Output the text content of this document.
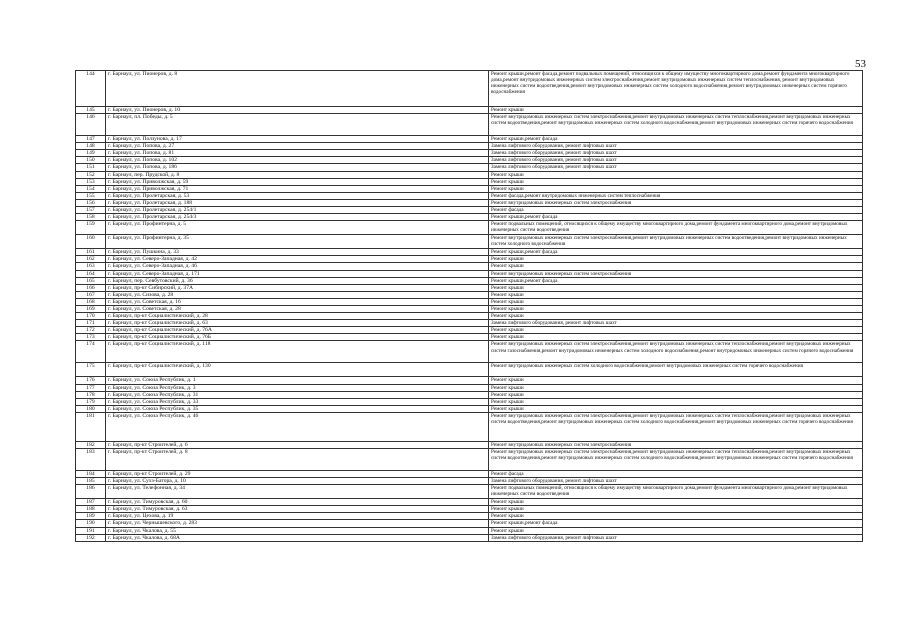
53
144	г. Барнаул, ул. Пионеров, д. 8	Ремонт крыши,ремонт фасада,ремонт подвальных помещений, относящихся к общему имуществу многоквартирного дома,ремонт фундамента многоквартирного дома,ремонт внутридомовых инженерных систем электроснабжения,ремонт внутридомовых инженерных систем теплоснабжения, ремонт внутридомовых инженерных систем водоотведения,ремонт внутридомовых инженерных систем холодного водоснабжения,ремонт внутридомовых инженерных систем горячего водоснабжения
145	г. Барнаул, ул. Пионеров, д. 10	Ремонт крыши
146	г. Барнаул, пл. Победы, д. 5	Ремонт внутридомовых инженерных систем электроснабжения,ремонт внутридомовых инженерных систем теплоснабжения,ремонт внутридомовых инженерных систем водоотведения,ремонт внутридомовых инженерных систем холодного водоснабжения,ремонт внутридомовых инженерных систем горячего водоснабжения
147	г. Барнаул, ул. Ползунова, д. 17	Ремонт крыши,ремонт фасада
148	г. Барнаул, ул. Попова, д. 27	Замена лифтового оборудования, ремонт лифтовых шахт
149	г. Барнаул, ул. Попова, д. 81	Замена лифтового оборудования, ремонт лифтовых шахт
150	г. Барнаул, ул. Попова, д. 102	Замена лифтового оборудования, ремонт лифтовых шахт
151	г. Барнаул, ул. Попова, д. 186	Замена лифтового оборудования, ремонт лифтовых шахт
152	г. Барнаул, пер. Прудской, д. 8	Ремонт крыши
153	г. Барнаул, ул. Приволжская, д. 59	Ремонт крыши
154	г. Барнаул, ул. Приволжская, д. 71	Ремонт крыши
155	г. Барнаул, ул. Пролетарская, д. 53	Ремонт фасада,ремонт внутридомовых инженерных систем теплоснабжения
156	г. Барнаул, ул. Пролетарская, д. 188	Ремонт внутридомовых инженерных систем электроснабжения
157	г. Барнаул, ул. Пролетарская, д. 254/1	Ремонт фасада
158	г. Барнаул, ул. Пролетарская, д. 254/3	Ремонт крыши,ремонт фасада
159	г. Барнаул, ул. Профинтерна, д. 5	Ремонт подвальных помещений, относящихся к общему имуществу многоквартирного дома,ремонт фундамента многоквартирного дома,ремонт внутридомовых инженерных систем водоотведения
160	г. Барнаул, ул. Профинтерна, д. 35	Ремонт внутридомовых инженерных систем электроснабжения,ремонт внутридомовых инженерных систем водоотведения,ремонт внутридомовых инженерных систем холодного водоснабжения
161	г. Барнаул, ул. Пушкина, д. 33	Ремонт крыши,ремонт фасада
162	г. Барнаул, ул. Северо-Западная, д. 42	Ремонт крыши
163	г. Барнаул, ул. Северо-Западная, д. 46	Ремонт крыши
164	г. Барнаул, ул. Северо-Западная, д. 171	Ремонт внутридомовых инженерных систем электроснабжения
165	г. Барнаул, пер. Севбутовский, д. 36	Ремонт крыши,ремонт фасада
166	г. Барнаул, пр-кт Сибирский, д. 37А	Ремонт крыши
167	г. Барнаул, ул. Сизова, д. 28	Ремонт крыши
168	г. Барнаул, ул. Советская, д. 16	Ремонт крыши
169	г. Барнаул, ул. Советская, д. 28	Ремонт крыши
170	г. Барнаул, пр-кт Социалистический, д. 28	Ремонт крыши
171	г. Барнаул, пр-кт Социалистический, д. 63	Замена лифтового оборудования, ремонт лифтовых шахт
172	г. Барнаул, пр-кт Социалистический, д. 76А	Ремонт крыши
173	г. Барнаул, пр-кт Социалистический, д. 76Б	Ремонт крыши
174	г. Барнаул, пр-кт Социалистический, д. 118	Ремонт внутридомовых инженерных систем электроснабжения,ремонт внутридомовых инженерных систем теплоснабжения,ремонт внутридомовых инженерных систем газоснабжения,ремонт внутридомовых инженерных систем холодного водоснабжения,ремонт внутридомовых инженерных систем горячего водоснабжения
175	г. Барнаул, пр-кт Социалистический, д. 130	Ремонт внутридомовых инженерных систем холодного водоснабжения,ремонт внутридомовых инженерных систем горячего водоснабжения
176	г. Барнаул, ул. Союза Республик, д. 1	Ремонт крыши
177	г. Барнаул, ул. Союза Республик, д. 3	Ремонт крыши
178	г. Барнаул, ул. Союза Республик, д. 31	Ремонт крыши
179	г. Барнаул, ул. Союза Республик, д. 33	Ремонт крыши
180	г. Барнаул, ул. Союза Республик, д. 35	Ремонт крыши
181	г. Барнаул, ул. Союза Республик, д. 46	Ремонт внутридомовых инженерных систем электроснабжения,ремонт внутридомовых инженерных систем теплоснабжения,ремонт внутридомовых инженерных систем водоотведения,ремонт внутридомовых инженерных систем холодного водоснабжения,ремонт внутридомовых инженерных систем горячего водоснабжения
182	г. Барнаул, пр-кт Строителей, д. 6	Ремонт внутридомовых инженерных систем электроснабжения
183	г. Барнаул, пр-кт Строителей, д. 8	Ремонт внутридомовых инженерных систем электроснабжения,ремонт внутридомовых инженерных систем теплоснабжения,ремонт внутридомовых инженерных систем водоотведения,ремонт внутридомовых инженерных систем холодного водоснабжения,ремонт внутридомовых инженерных систем горячего водоснабжения
184	г. Барнаул, пр-кт Строителей, д. 29	Ремонт фасада
185	г. Барнаул, ул. Сухэ-Батора, д. 10	Замена лифтового оборудования, ремонт лифтовых шахт
186	г. Барнаул, ул. Телефонная, д. 34	Ремонт подвальных помещений, относящихся к общему имуществу многоквартирного дома,ремонт фундамента многоквартирного дома,ремонт внутридомовых инженерных систем водоотведения
187	г. Барнаул, ул. Тимуровская, д. 60	Ремонт крыши
188	г. Барнаул, ул. Тимуровская, д. 63	Ремонт крыши
189	г. Барнаул, ул. Цехова, д. 19	Ремонт крыши
190	г. Барнаул, ул. Чернышевского, д. 283	Ремонт крыши,ремонт фасада
191	г. Барнаул, ул. Чкалова, д. 55	Ремонт крыши
192	г. Барнаул, ул. Чкалова, д. 68А	Замена лифтового оборудования, ремонт лифтовых шахт
